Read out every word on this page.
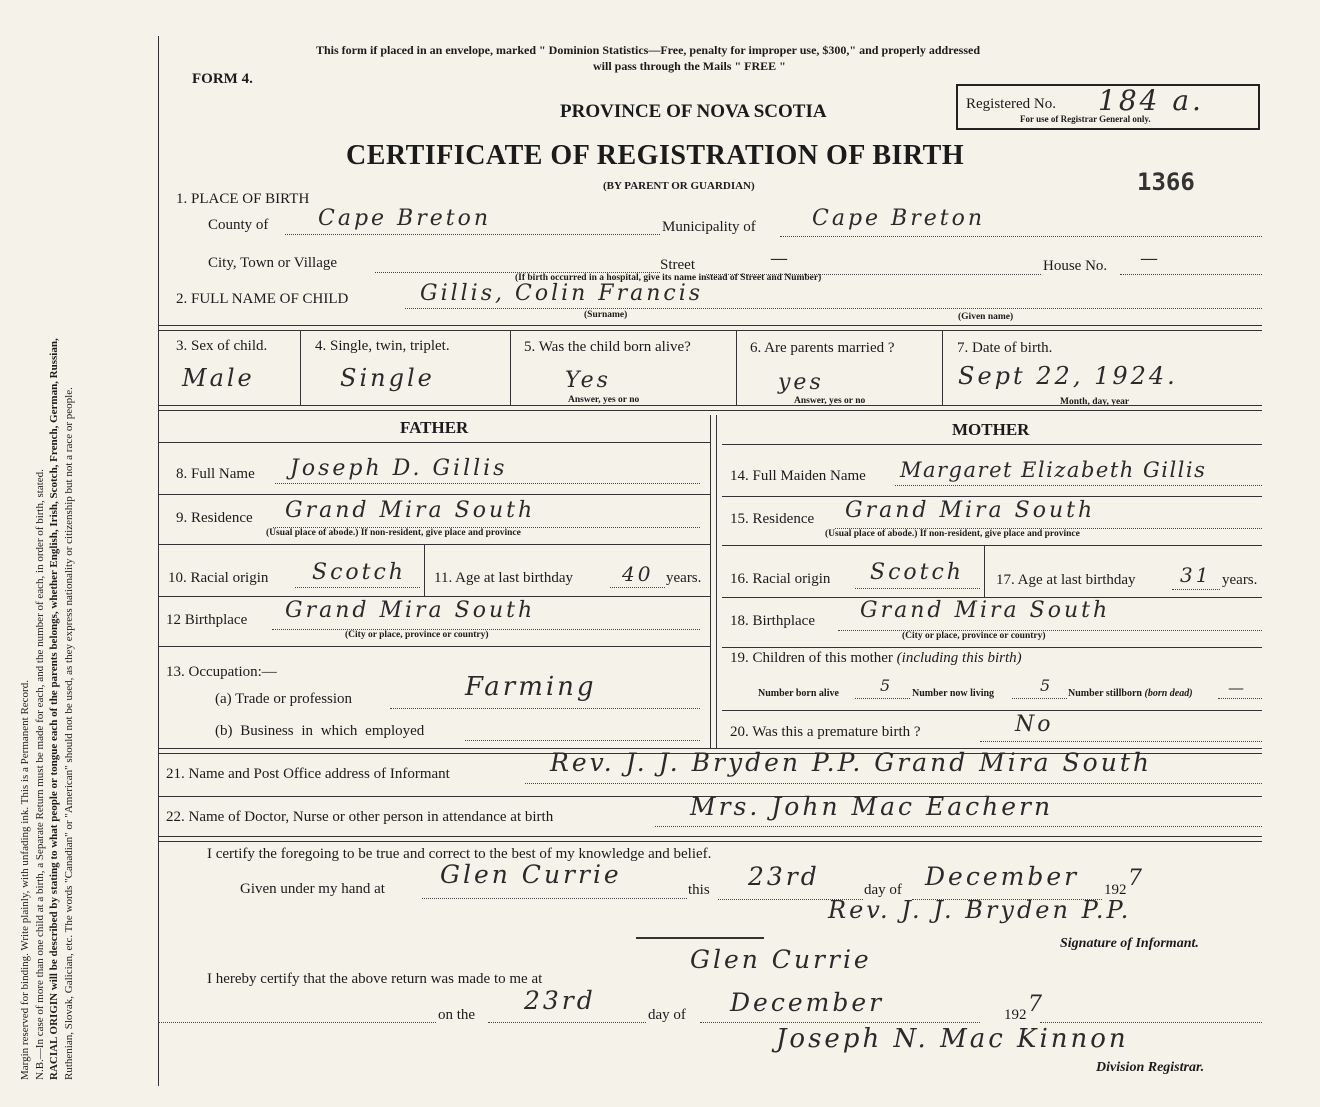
Margin reserved for binding. Write plainly, with unfading ink. This is a Permanent Record. N.B.—In case of more than one child at a birth, a Separate Return must be made for each, and the number of each, in order of birth, stated. RACIAL ORIGIN will be described by stating to what people or tongue each of the parents belongs, whether English, Irish, Scotch, French, German, Russian, Ruthenian, Slovak, Galician, etc. The words "Canadian" or "American" should not be used, as they express nationality or citizenship but not a race or people.
This form if placed in an envelope, marked " Dominion Statistics—Free, penalty for improper use, $300," and properly addressed
will pass through the Mails " FREE "
FORM 4.
PROVINCE OF NOVA SCOTIA	Registered No. 184 a.
For use of Registrar General only.
CERTIFICATE OF REGISTRATION OF BIRTH
(BY PARENT OR GUARDIAN)	1366
1. PLACE OF BIRTH
County of Cape Breton	Municipality of	Cape Breton
City, Town or Village	Street	—	House No. —
(If birth occurred in a hospital, give its name instead of Street and Number)
2. FULL NAME OF CHILD	Gillis, Colin Francis
(Surname)	(Given name)
3. Sex of child.
Male
4. Single, twin, triplet.
Single
5. Was the child born alive?
Yes
Answer, yes or no
6. Are parents married ?
yes
Answer, yes or no
7. Date of birth.
Sept 22, 1924.
Month, day, year
FATHER	MOTHER
8. Full Name Joseph D. Gillis
9. Residence Grand Mira South
(Usual place of abode.) If non-resident, give place and province
10. Racial origin Scotch 11. Age at last birthday 40 years.
12 Birthplace Grand Mira South
(City or place, province or country)
13. Occupation:—
(a) Trade or profession	Farming
(b) Business in which employed
14. Full Maiden Name Margaret Elizabeth Gillis
15. Residence Grand Mira South
(Usual place of abode.) If non-resident, give place and province
16. Racial origin Scotch 17. Age at last birthday 31 years.
18. Birthplace Grand Mira South
(City or place, province or country)
19. Children of this mother (including this birth)
Number born alive	5 Number now living	5 Number stillborn (born dead) —
20. Was this a premature birth ?	No
21. Name and Post Office address of Informant	Rev. J. J. Bryden P.P. Grand Mira South
22. Name of Doctor, Nurse or other person in attendance at birth	Mrs. John Mac Eachern
I certify the foregoing to be true and correct to the best of my knowledge and belief.
Given under my hand at Glen Currie
this 23rd	day of December 192 7
Rev. J. J. Bryden P.P.
Signature of Informant.
I hereby certify that the above return was made to me at
Glen Currie
on the 23rd	day of December	192 7
Joseph N. Mac Kinnon
Division Registrar.
